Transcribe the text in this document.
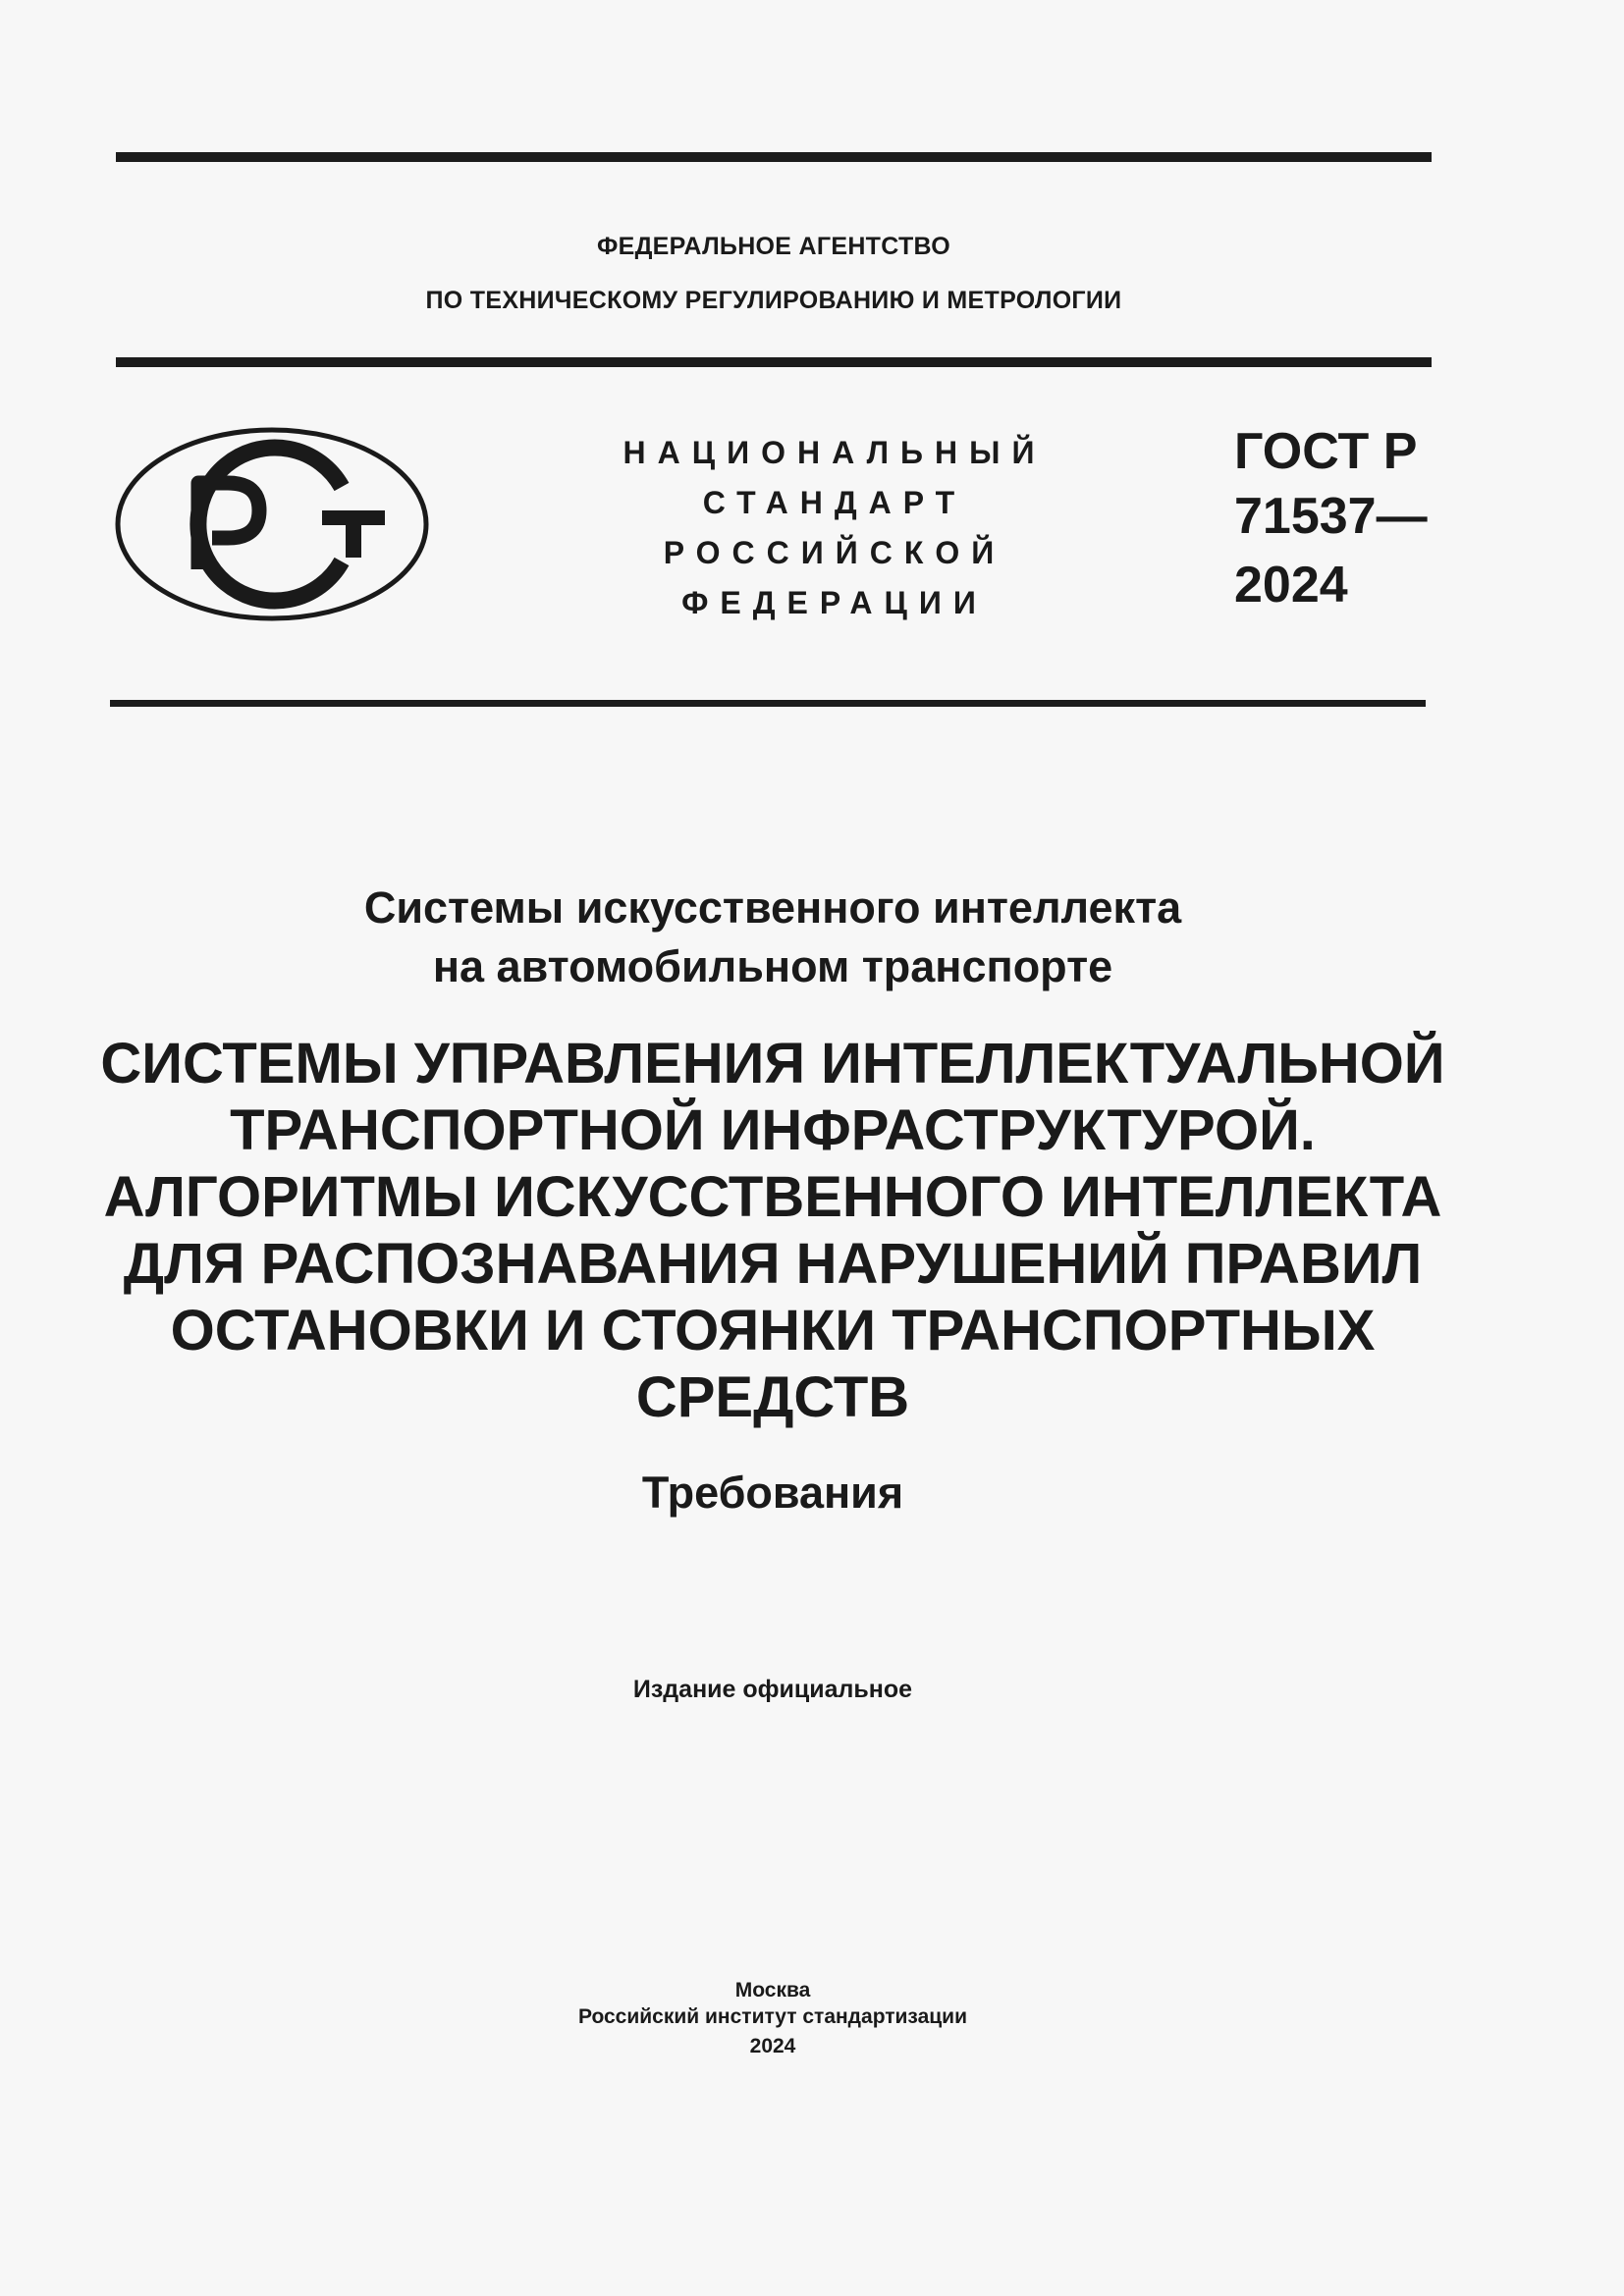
ФЕДЕРАЛЬНОЕ АГЕНТСТВО
ПО ТЕХНИЧЕСКОМУ РЕГУЛИРОВАНИЮ И МЕТРОЛОГИИ
НАЦИОНАЛЬНЫЙ
СТАНДАРТ
РОССИЙСКОЙ
ФЕДЕРАЦИИ
ГОСТ Р
71537—
2024
Системы искусственного интеллекта
на автомобильном транспорте
СИСТЕМЫ УПРАВЛЕНИЯ ИНТЕЛЛЕКТУАЛЬНОЙ
ТРАНСПОРТНОЙ ИНФРАСТРУКТУРОЙ.
АЛГОРИТМЫ ИСКУССТВЕННОГО ИНТЕЛЛЕКТА
ДЛЯ РАСПОЗНАВАНИЯ НАРУШЕНИЙ ПРАВИЛ
ОСТАНОВКИ И СТОЯНКИ ТРАНСПОРТНЫХ
СРЕДСТВ
Требования
Издание официальное
Москва
Российский институт стандартизации
2024
